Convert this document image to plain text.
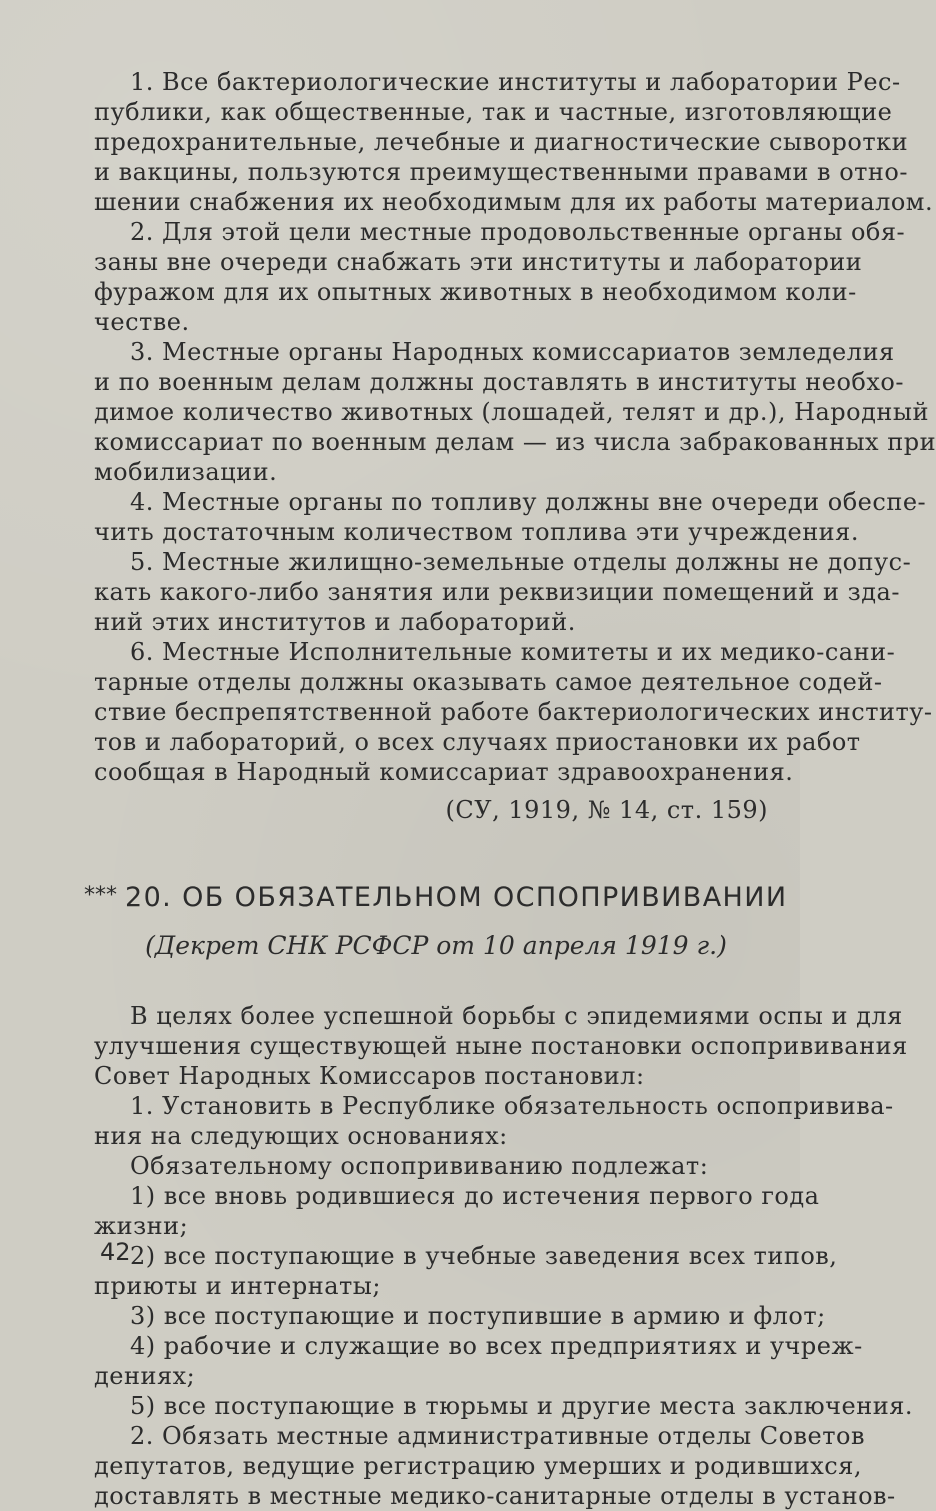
1. Все бактериологические институты и лаборатории Рес-
публики, как общественные, так и частные, изготовляющие
предохранительные, лечебные и диагностические сыворотки
и вакцины, пользуются преимущественными правами в отно-
шении снабжения их необходимым для их работы материалом.
2. Для этой цели местные продовольственные органы обя-
заны вне очереди снабжать эти институты и лаборатории
фуражом для их опытных животных в необходимом коли-
честве.
3. Местные органы Народных комиссариатов земледелия
и по военным делам должны доставлять в институты необхо-
димое количество животных (лошадей, телят и др.), Народный
комиссариат по военным делам — из числа забракованных при
мобилизации.
4. Местные органы по топливу должны вне очереди обеспе-
чить достаточным количеством топлива эти учреждения.
5. Местные жилищно-земельные отделы должны не допус-
кать какого-либо занятия или реквизиции помещений и зда-
ний этих институтов и лабораторий.
6. Местные Исполнительные комитеты и их медико-сани-
тарные отделы должны оказывать самое деятельное содей-
ствие беспрепятственной работе бактериологических институ-
тов и лабораторий, о всех случаях приостановки их работ
сообщая в Народный комиссариат здравоохранения.
(СУ, 1919, № 14, ст. 159)
*** 20. ОБ ОБЯЗАТЕЛЬНОМ ОСПОПРИВИВАНИИ
(Декрет СНК РСФСР от 10 апреля 1919 г.)
В целях более успешной борьбы с эпидемиями оспы и для
улучшения существующей ныне постановки оспопрививания
Совет Народных Комиссаров постановил:
1. Установить в Республике обязательность оспопрививa-
ния на следующих основаниях:
Обязательному оспопрививанию подлежат:
1) все вновь родившиеся до истечения первого года
жизни;
2) все поступающие в учебные заведения всех типов,
приюты и интернаты;
3) все поступающие и поступившие в армию и флот;
4) рабочие и служащие во всех предприятиях и учреж-
дениях;
5) все поступающие в тюрьмы и другие места заключения.
2. Обязать местные административные отделы Советов
депутатов, ведущие регистрацию умерших и родившихся,
доставлять в местные медико-санитарные отделы в установ-
42
